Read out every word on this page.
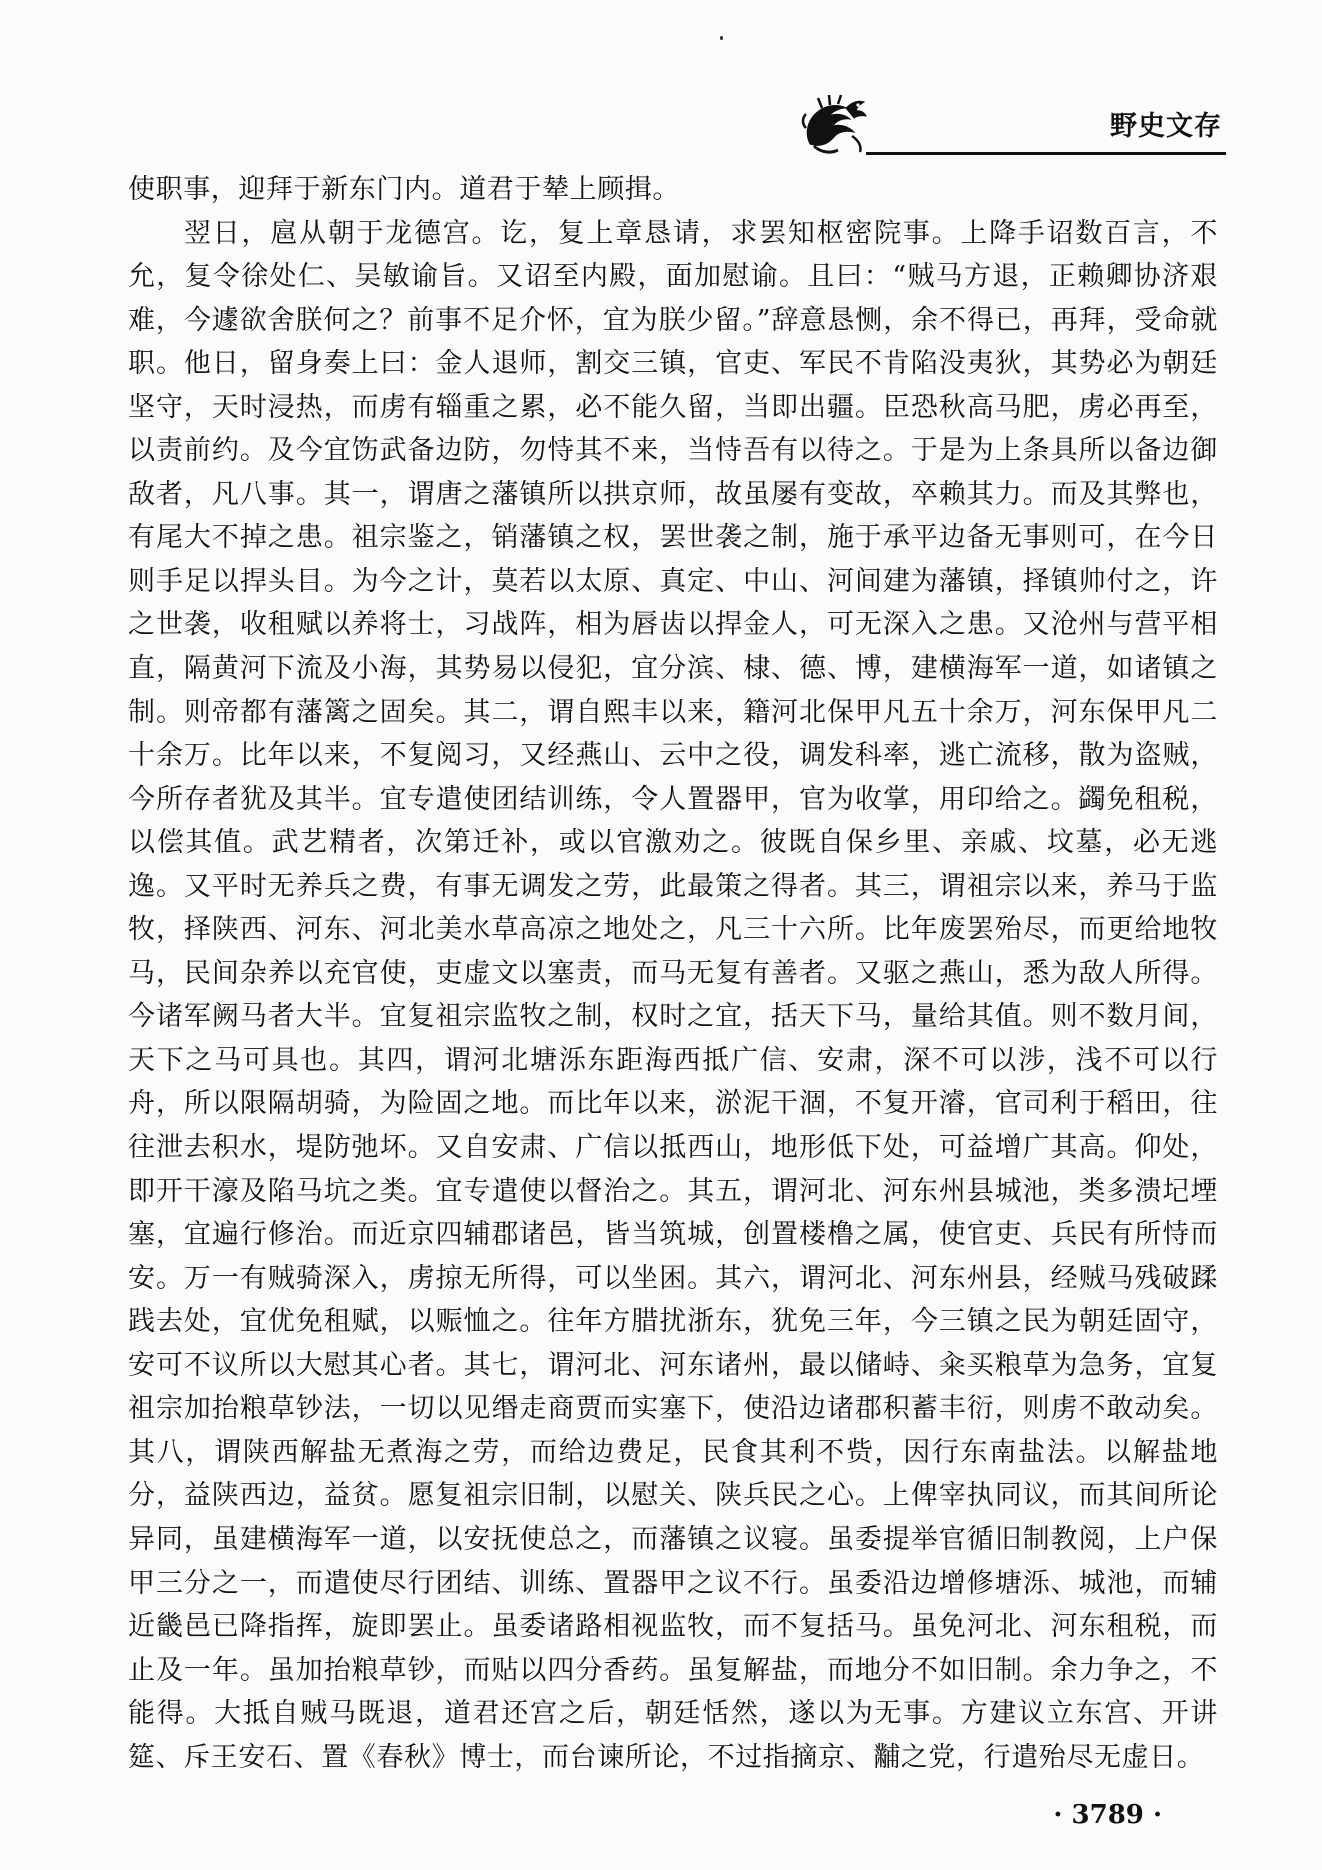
野史文存

使职事，迎拜于新东门内。道君于辇上顾揖。

翌日，扈从朝于龙德宫。讫，复上章恳请，求罢知枢密院事。上降手诏数百言，不允，复令徐处仁、吴敏谕旨。又诏至内殿，面加慰谕。且曰：“贼马方退，正赖卿协济艰难，今遽欲舍朕何之？前事不足介怀，宜为朕少留。”辞意恳恻，余不得已，再拜，受命就职。他日，留身奏上曰：金人退师，割交三镇，官吏、军民不肯陷没夷狄，其势必为朝廷坚守，天时浸热，而虏有辎重之累，必不能久留，当即出疆。臣恐秋高马肥，虏必再至，以责前约。及今宜饬武备边防，勿恃其不来，当恃吾有以待之。于是为上条具所以备边御敌者，凡八事。其一，谓唐之藩镇所以拱京师，故虽屡有变故，卒赖其力。而及其弊也，有尾大不掉之患。祖宗鉴之，销藩镇之权，罢世袭之制，施于承平边备无事则可，在今日则手足以捍头目。为今之计，莫若以太原、真定、中山、河间建为藩镇，择镇帅付之，许之世袭，收租赋以养将士，习战阵，相为唇齿以捍金人，可无深入之患。又沧州与营平相直，隔黄河下流及小海，其势易以侵犯，宜分滨、棣、德、博，建横海军一道，如诸镇之制。则帝都有藩篱之固矣。其二，谓自熙丰以来，籍河北保甲凡五十余万，河东保甲凡二十余万。比年以来，不复阅习，又经燕山、云中之役，调发科率，逃亡流移，散为盗贼，今所存者犹及其半。宜专遣使团结训练，令人置器甲，官为收掌，用印给之。蠲免租税，以偿其值。武艺精者，次第迁补，或以官激劝之。彼既自保乡里、亲戚、坟墓，必无逃逸。又平时无养兵之费，有事无调发之劳，此最策之得者。其三，谓祖宗以来，养马于监牧，择陕西、河东、河北美水草高凉之地处之，凡三十六所。比年废罢殆尽，而更给地牧马，民间杂养以充官使，吏虚文以塞责，而马无复有善者。又驱之燕山，悉为敌人所得。今诸军阙马者大半。宜复祖宗监牧之制，权时之宜，括天下马，量给其值。则不数月间，天下之马可具也。其四，谓河北塘泺东距海西抵广信、安肃，深不可以涉，浅不可以行舟，所以限隔胡骑，为险固之地。而比年以来，淤泥干涸，不复开濬，官司利于稻田，往往泄去积水，堤防弛坏。又自安肃、广信以抵西山，地形低下处，可益增广其高。仰处，即开干濠及陷马坑之类。宜专遣使以督治之。其五，谓河北、河东州县城池，类多溃圮堙塞，宜遍行修治。而近京四辅郡诸邑，皆当筑城，创置楼橹之属，使官吏、兵民有所恃而安。万一有贼骑深入，虏掠无所得，可以坐困。其六，谓河北、河东州县，经贼马残破蹂践去处，宜优免租赋，以赈恤之。往年方腊扰浙东，犹免三年，今三镇之民为朝廷固守，安可不议所以大慰其心者。其七，谓河北、河东诸州，最以储峙、籴买粮草为急务，宜复祖宗加抬粮草钞法，一切以见缗走商贾而实塞下，使沿边诸郡积蓄丰衍，则虏不敢动矣。其八，谓陕西解盐无煮海之劳，而给边费足，民食其利不赀，因行东南盐法。以解盐地分，益陕西边，益贫。愿复祖宗旧制，以慰关、陕兵民之心。上俾宰执同议，而其间所论异同，虽建横海军一道，以安抚使总之，而藩镇之议寝。虽委提举官循旧制教阅，上户保甲三分之一，而遣使尽行团结、训练、置器甲之议不行。虽委沿边增修塘泺、城池，而辅近畿邑已降指挥，旋即罢止。虽委诸路相视监牧，而不复括马。虽免河北、河东租税，而止及一年。虽加抬粮草钞，而贴以四分香药。虽复解盐，而地分不如旧制。余力争之，不能得。大抵自贼马既退，道君还宫之后，朝廷恬然，遂以为无事。方建议立东宫、开讲筵、斥王安石、置《春秋》博士，而台谏所论，不过指摘京、黼之党，行遣殆尽无虚日。

· 3789 ·
